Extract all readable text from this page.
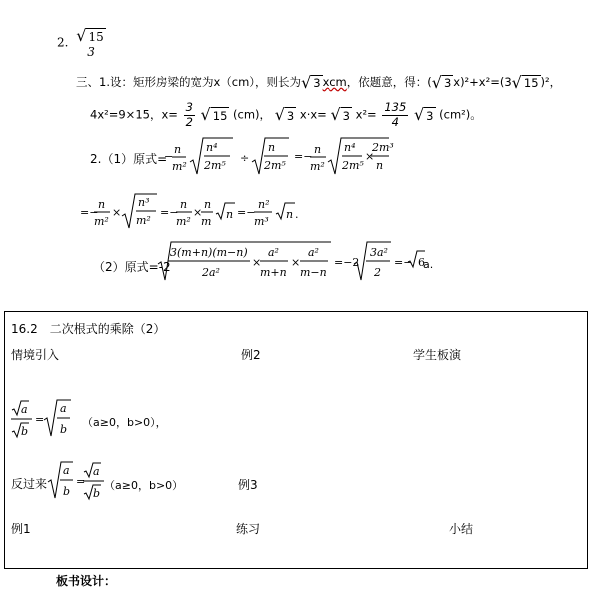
2. √ 15
3
三、1.设：矩形房梁的宽为x（cm），则长为 √ 3 xcm，依题意，得：( √ 3 x)²+x²=(3 √ 15 )²，
4x²=9×15，$x= \frac{3}{2}$
√ 15 (cm)， √ 3 x·x= √ 3 $x^2= \frac{135}{4}$
√ 3 (cm²)。
2.（1）原式=
−
n
m²
n⁴
2m⁵
÷
n
2m⁵
=−
n
m²
n⁴
2m⁵
×
2m³
n
=−
n
m²
×
n³
m²
=−
n
m²
×
n
m
n =−
n²
m³
n .
（2）原式=-2
3(m+n)(m−n)
2a²
×
a²
m+n
×
a²
m−n
=−2
3a²
2
=− 6
a.
16.2　二次根式的乘除（2）
情境引入	例2	学生板演
a
b
=
a
b
（a≥0，b>0），
反过来
a
b
=
a
b
（a≥0，b>0）	例3
例1	练习	小结
板书设计：
